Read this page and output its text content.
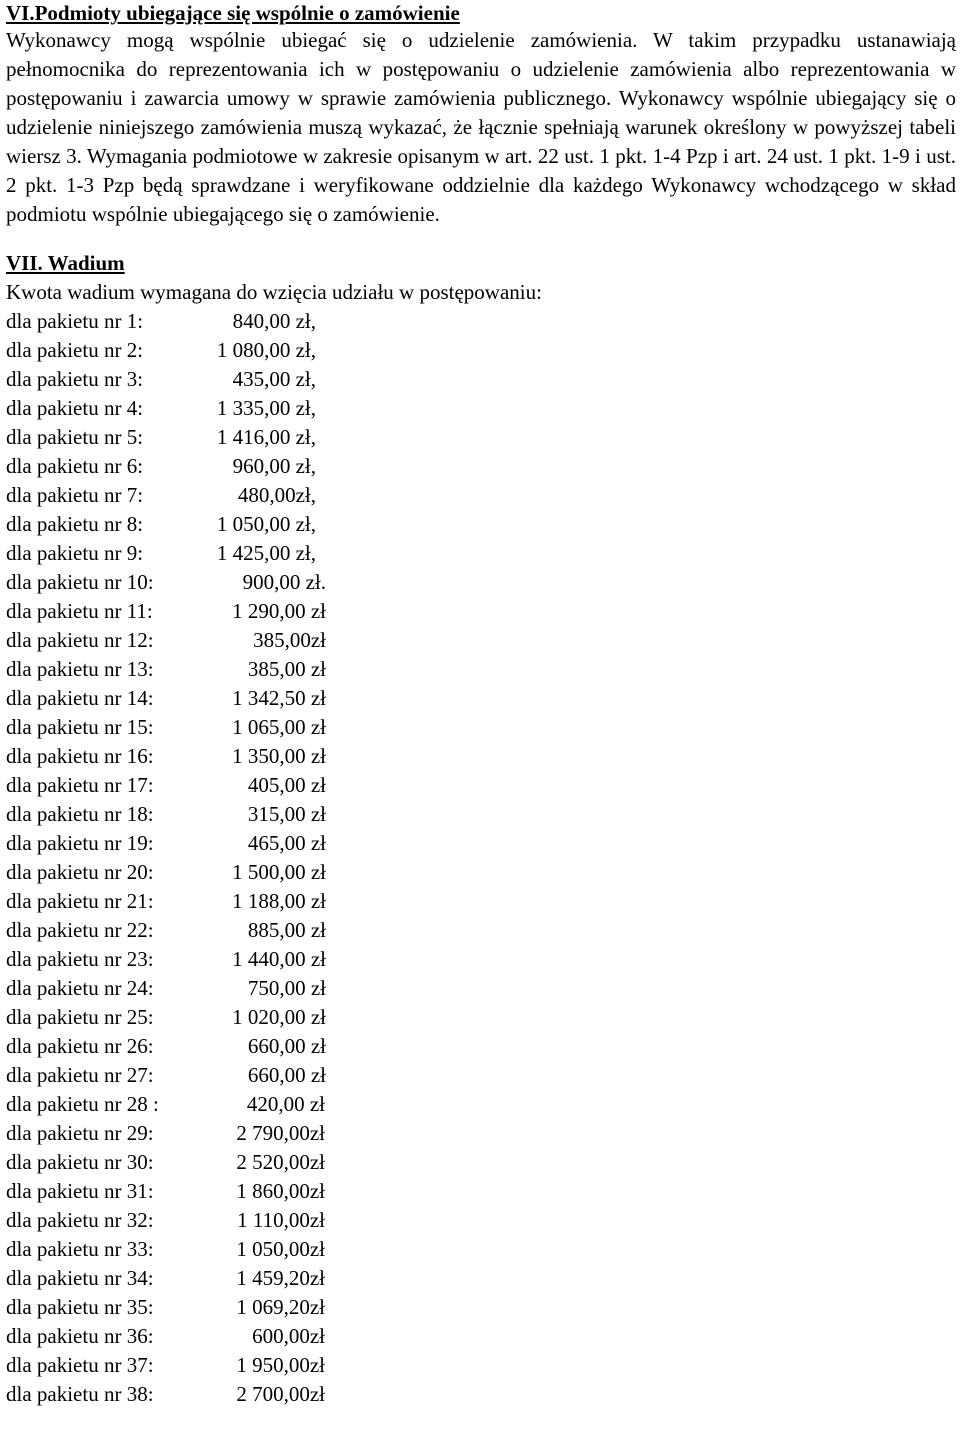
VI.Podmioty ubiegające się wspólnie o zamówienie

Wykonawcy mogą wspólnie ubiegać się o udzielenie zamówienia. W takim przypadku ustanawiają pełnomocnika do reprezentowania ich w postępowaniu o udzielenie zamówienia albo reprezentowania w postępowaniu i zawarcia umowy w sprawie zamówienia publicznego. Wykonawcy wspólnie ubiegający się o udzielenie niniejszego zamówienia muszą wykazać, że łącznie spełniają warunek określony w powyższej tabeli wiersz 3. Wymagania podmiotowe w zakresie opisanym w art. 22 ust. 1 pkt. 1-4 Pzp i art. 24 ust. 1 pkt. 1-9 i ust. 2 pkt. 1-3 Pzp będą sprawdzane i weryfikowane oddzielnie dla każdego Wykonawcy wchodzącego w skład podmiotu wspólnie ubiegającego się o zamówienie.

VII. Wadium

Kwota wadium wymagana do wzięcia udziału w postępowaniu:

dla pakietu nr 1:	840,00 zł,
dla pakietu nr 2:	1 080,00 zł,
dla pakietu nr 3:	435,00 zł,
dla pakietu nr 4:	1 335,00 zł,
dla pakietu nr 5:	1 416,00 zł,
dla pakietu nr 6:	960,00 zł,
dla pakietu nr 7:	480,00zł,
dla pakietu nr 8:	1 050,00 zł,
dla pakietu nr 9:	1 425,00 zł,
dla pakietu nr 10:	900,00 zł.
dla pakietu nr 11:	1 290,00 zł
dla pakietu nr 12:	385,00zł
dla pakietu nr 13:	385,00 zł
dla pakietu nr 14:	1 342,50 zł
dla pakietu nr 15:	1 065,00 zł
dla pakietu nr 16:	1 350,00 zł
dla pakietu nr 17:	405,00 zł
dla pakietu nr 18:	315,00 zł
dla pakietu nr 19:	465,00 zł
dla pakietu nr 20:	1 500,00 zł
dla pakietu nr 21:	1 188,00 zł
dla pakietu nr 22:	885,00 zł
dla pakietu nr 23:	1 440,00 zł
dla pakietu nr 24:	750,00 zł
dla pakietu nr 25:	1 020,00 zł
dla pakietu nr 26:	660,00 zł
dla pakietu nr 27:	660,00 zł
dla pakietu nr 28 :	420,00 zł
dla pakietu nr 29:	2 790,00zł
dla pakietu nr 30:	2 520,00zł
dla pakietu nr 31:	1 860,00zł
dla pakietu nr 32:	1 110,00zł
dla pakietu nr 33:	1 050,00zł
dla pakietu nr 34:	1 459,20zł
dla pakietu nr 35:	1 069,20zł
dla pakietu nr 36:	600,00zł
dla pakietu nr 37:	1 950,00zł
dla pakietu nr 38:	2 700,00zł
